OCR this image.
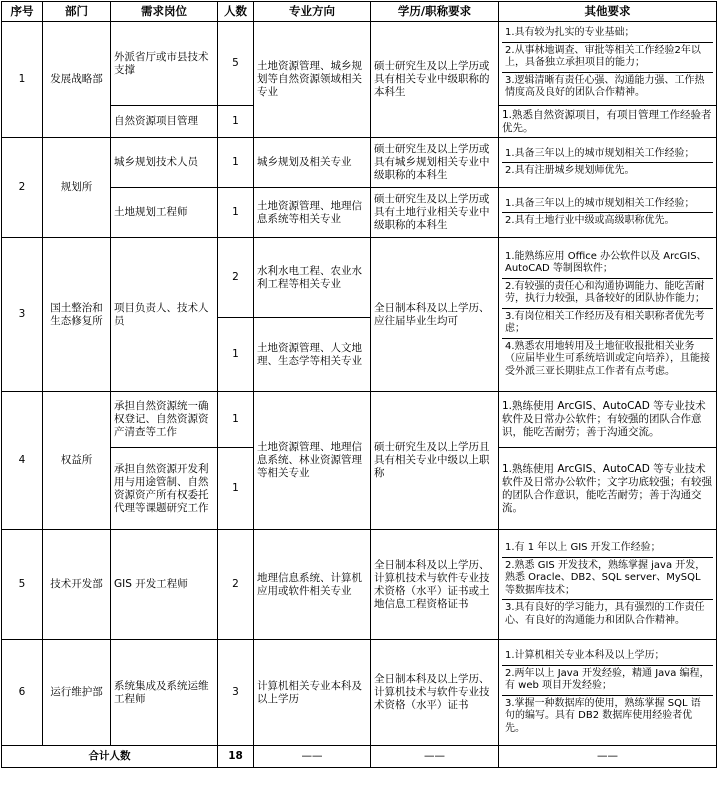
序号	部门	需求岗位	人数	专业方向	学历/职称要求	其他要求
1	发展战略部	外派省厅或市县技术支撑	5	土地资源管理、城乡规划等自然资源领域相关专业	硕士研究生及以上学历或具有相关专业中级职称的本科生	1.具有较为扎实的专业基础；
2.从事林地调查、审批等相关工作经验2年以上，具备独立承担项目的能力；
3.逻辑清晰有责任心强、沟通能力强、工作热情度高及良好的团队合作精神。

		自然资源项目管理	1			1.熟悉自然资源项目，有项目管理工作经验者优先。
2	规划所	城乡规划技术人员	1	城乡规划及相关专业	硕士研究生及以上学历或具有城乡规划相关专业中级职称的本科生	1.具备三年以上的城市规划相关工作经验；
2.具有注册城乡规划师优先。

		土地规划工程师	1	土地资源管理、地理信息系统等相关专业	硕士研究生及以上学历或具有土地行业相关专业中级职称的本科生	1.具备三年以上的城市规划相关工作经验；
2.具有土地行业中级或高级职称优先。

3	国土整治和生态修复所	项目负责人、技术人员	2	水利水电工程、农业水利工程等相关专业	全日制本科及以上学历、应往届毕业生均可	1.能熟练应用 Office 办公软件以及 ArcGIS、AutoCAD 等制图软件；
2.有较强的责任心和沟通协调能力、能吃苦耐劳，执行力较强，具备较好的团队协作能力；
3.有岗位相关工作经历及有相关职称者优先考虑；
4.熟悉农用地转用及土地征收报批相关业务（应届毕业生可系统培训或定向培养），且能接受外派三亚长期驻点工作者有点考虑。

			1	土地资源管理、人文地理、生态学等相关专业		
4	权益所	承担自然资源统一确权登记、自然资源资产清查等工作	1	土地资源管理、地理信息系统、林业资源管理等相关专业	硕士研究生及以上学历且具有相关专业中级以上职称	1.熟练使用 ArcGIS、AutoCAD 等专业技术软件及日常办公软件；有较强的团队合作意识，能吃苦耐劳；善于沟通交流。
		承担自然资源开发利用与用途管制、自然资源资产所有权委托代理等课题研究工作	1			1.熟练使用 ArcGIS、AutoCAD 等专业技术软件及日常办公软件；文字功底较强；有较强的团队合作意识，能吃苦耐劳；善于沟通交流。
5	技术开发部	GIS 开发工程师	2	地理信息系统、计算机应用或软件相关专业	全日制本科及以上学历、计算机技术与软件专业技术资格（水平）证书或土地信息工程资格证书	1.有 1 年以上 GIS 开发工作经验；
2.熟悉 GIS 开发技术，熟练掌握 java 开发，熟悉 Oracle、DB2、SQL server、MySQL 等数据库技术；
3.具有良好的学习能力，具有强烈的工作责任心、有良好的沟通能力和团队合作精神。

6	运行维护部	系统集成及系统运维工程师	3	计算机相关专业本科及以上学历	全日制本科及以上学历、计算机技术与软件专业技术资格（水平）证书	1.计算机相关专业本科及以上学历；
2.两年以上 Java 开发经验，精通 Java 编程，有 web 项目开发经验；
3.掌握一种数据库的使用，熟练掌握 SQL 语句的编写。具有 DB2 数据库使用经验者优先。

合计人数			18	——	——	——
